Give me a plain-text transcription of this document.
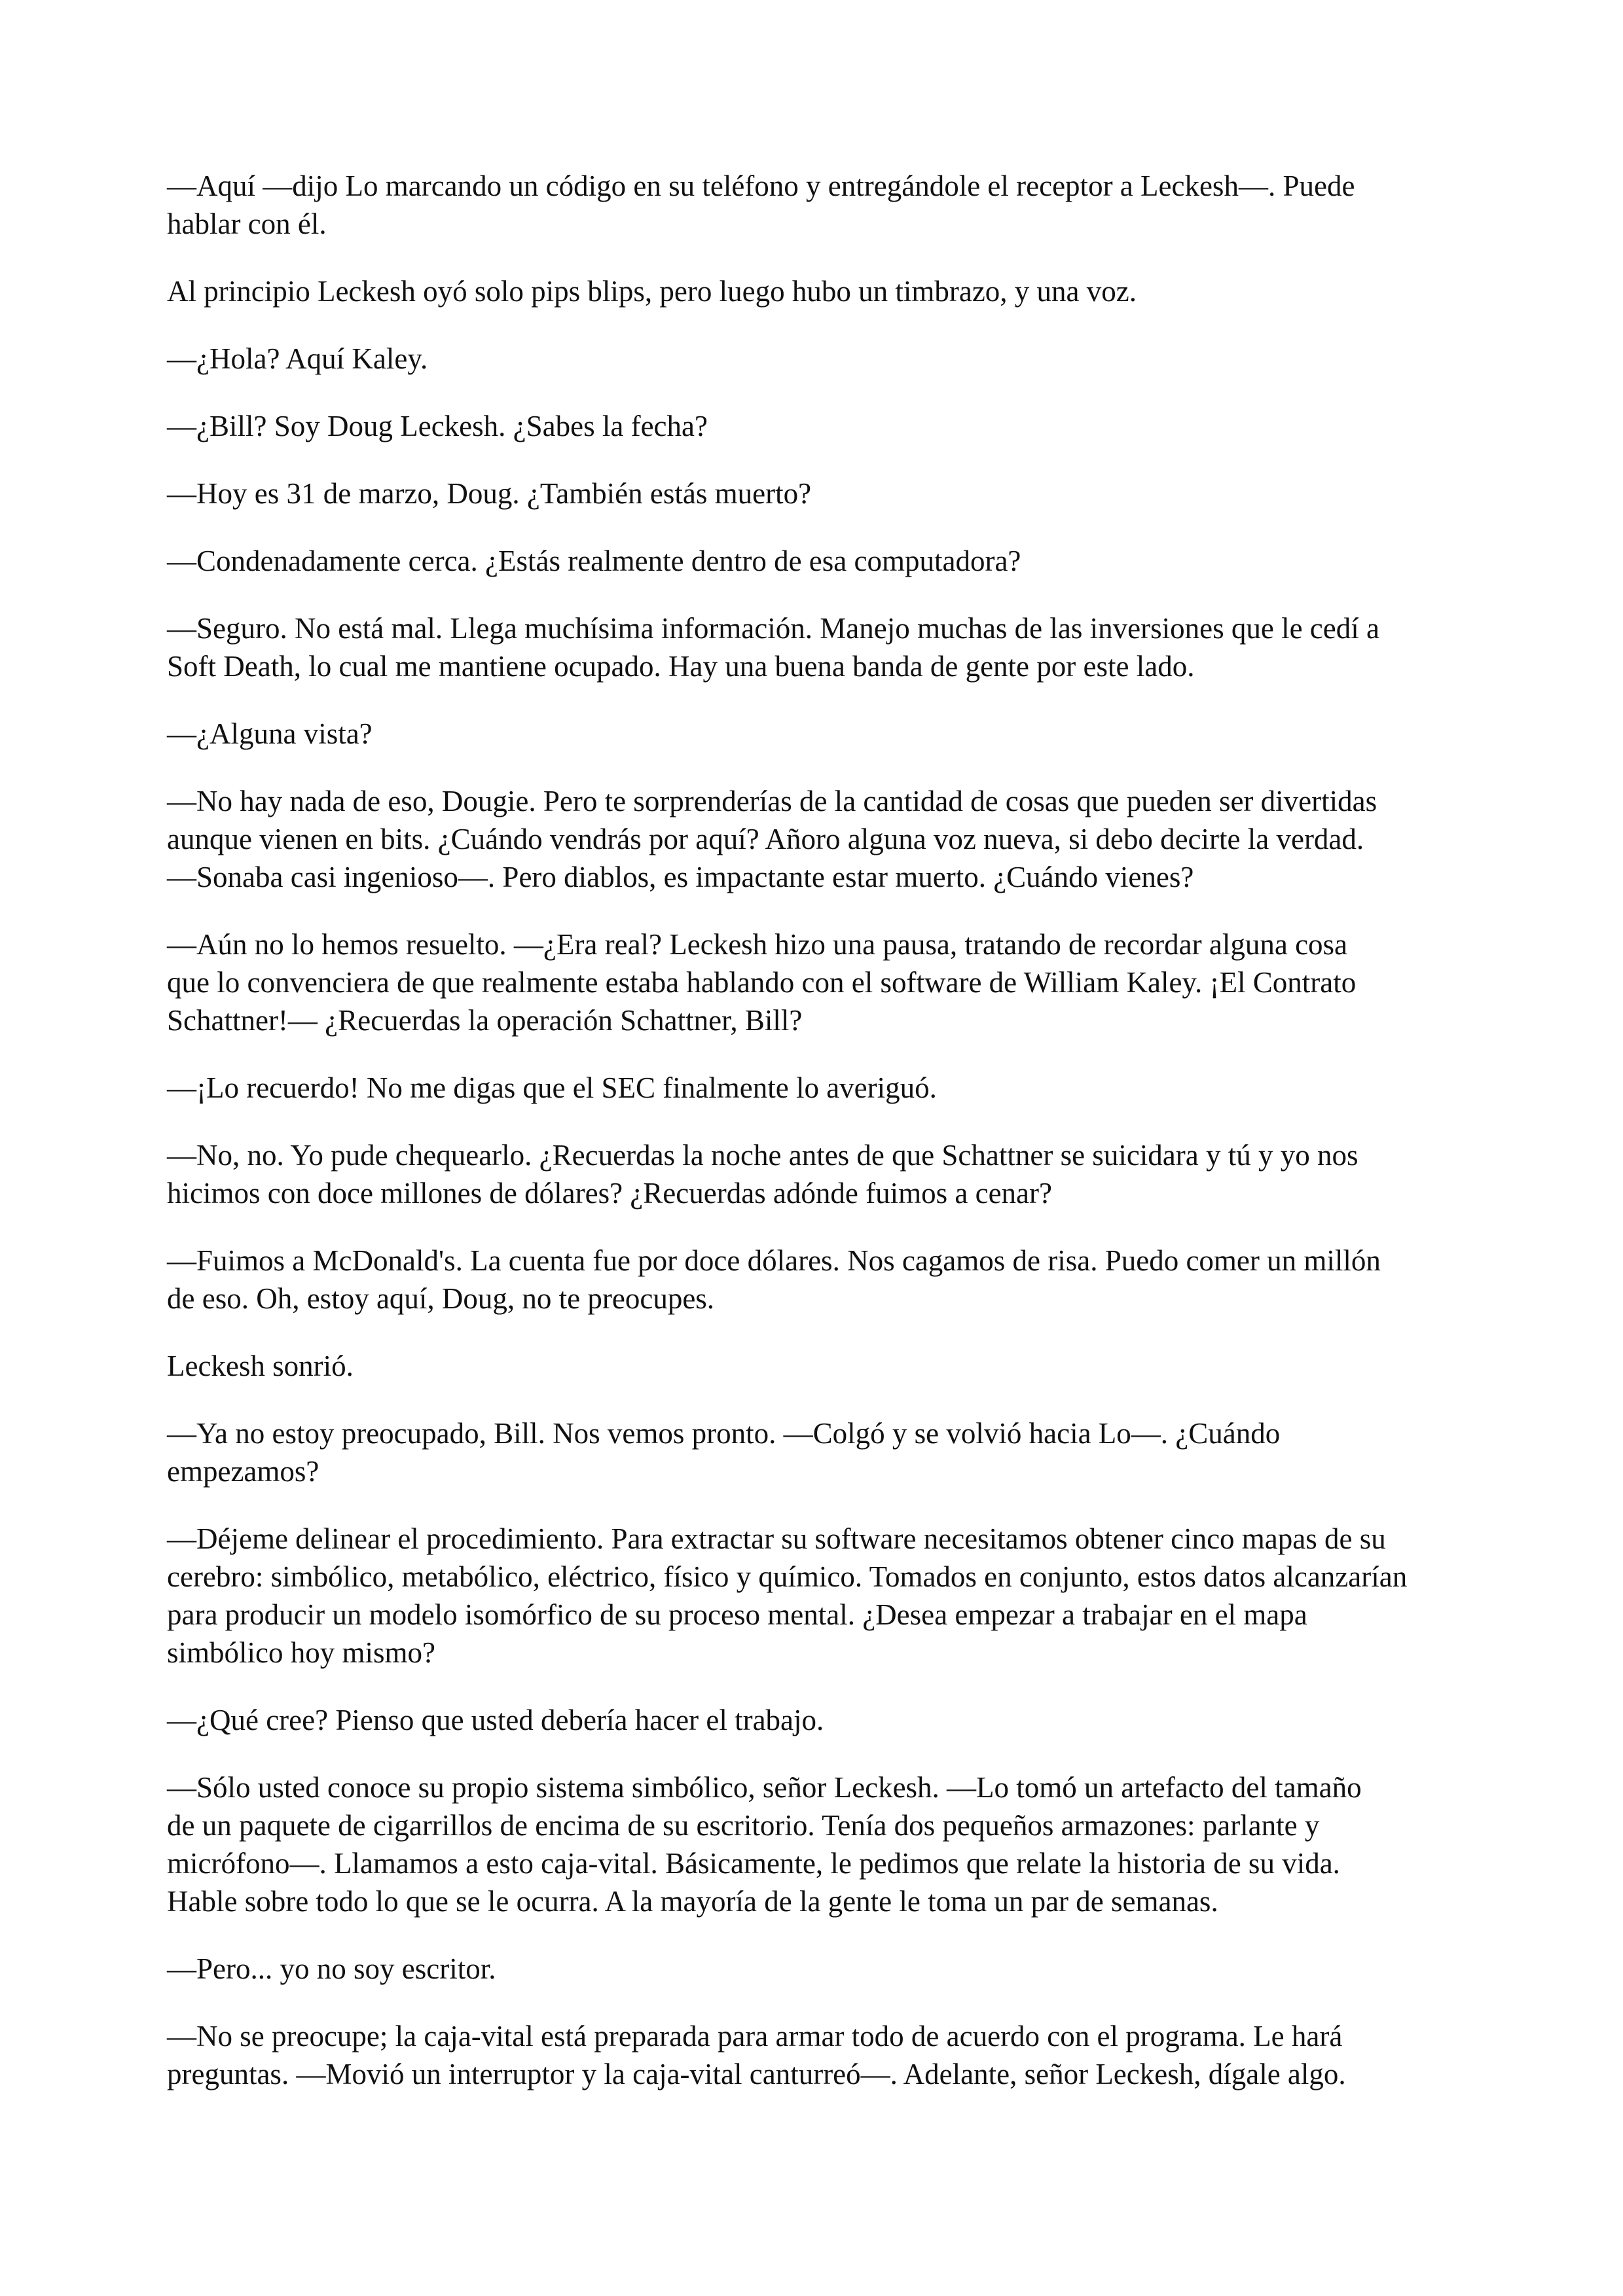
—Aquí —dijo Lo marcando un código en su teléfono y entregándole el receptor a Leckesh—. Puede
hablar con él.
Al principio Leckesh oyó solo pips blips, pero luego hubo un timbrazo, y una voz.
—¿Hola? Aquí Kaley.
—¿Bill? Soy Doug Leckesh. ¿Sabes la fecha?
—Hoy es 31 de marzo, Doug. ¿También estás muerto?
—Condenadamente cerca. ¿Estás realmente dentro de esa computadora?
—Seguro. No está mal. Llega muchísima información. Manejo muchas de las inversiones que le cedí a
Soft Death, lo cual me mantiene ocupado. Hay una buena banda de gente por este lado.
—¿Alguna vista?
—No hay nada de eso, Dougie. Pero te sorprenderías de la cantidad de cosas que pueden ser divertidas
aunque vienen en bits. ¿Cuándo vendrás por aquí? Añoro alguna voz nueva, si debo decirte la verdad.
—Sonaba casi ingenioso—. Pero diablos, es impactante estar muerto. ¿Cuándo vienes?
—Aún no lo hemos resuelto. —¿Era real? Leckesh hizo una pausa, tratando de recordar alguna cosa
que lo convenciera de que realmente estaba hablando con el software de William Kaley. ¡El Contrato
Schattner!— ¿Recuerdas la operación Schattner, Bill?
—¡Lo recuerdo! No me digas que el SEC finalmente lo averiguó.
—No, no. Yo pude chequearlo. ¿Recuerdas la noche antes de que Schattner se suicidara y tú y yo nos
hicimos con doce millones de dólares? ¿Recuerdas adónde fuimos a cenar?
—Fuimos a McDonald's. La cuenta fue por doce dólares. Nos cagamos de risa. Puedo comer un millón
de eso. Oh, estoy aquí, Doug, no te preocupes.
Leckesh sonrió.
—Ya no estoy preocupado, Bill. Nos vemos pronto. —Colgó y se volvió hacia Lo—. ¿Cuándo
empezamos?
—Déjeme delinear el procedimiento. Para extractar su software necesitamos obtener cinco mapas de su
cerebro: simbólico, metabólico, eléctrico, físico y químico. Tomados en conjunto, estos datos alcanzarían
para producir un modelo isomórfico de su proceso mental. ¿Desea empezar a trabajar en el mapa
simbólico hoy mismo?
—¿Qué cree? Pienso que usted debería hacer el trabajo.
—Sólo usted conoce su propio sistema simbólico, señor Leckesh. —Lo tomó un artefacto del tamaño
de un paquete de cigarrillos de encima de su escritorio. Tenía dos pequeños armazones: parlante y
micrófono—. Llamamos a esto caja-vital. Básicamente, le pedimos que relate la historia de su vida.
Hable sobre todo lo que se le ocurra. A la mayoría de la gente le toma un par de semanas.
—Pero... yo no soy escritor.
—No se preocupe; la caja-vital está preparada para armar todo de acuerdo con el programa. Le hará
preguntas. —Movió un interruptor y la caja-vital canturreó—. Adelante, señor Leckesh, dígale algo.
